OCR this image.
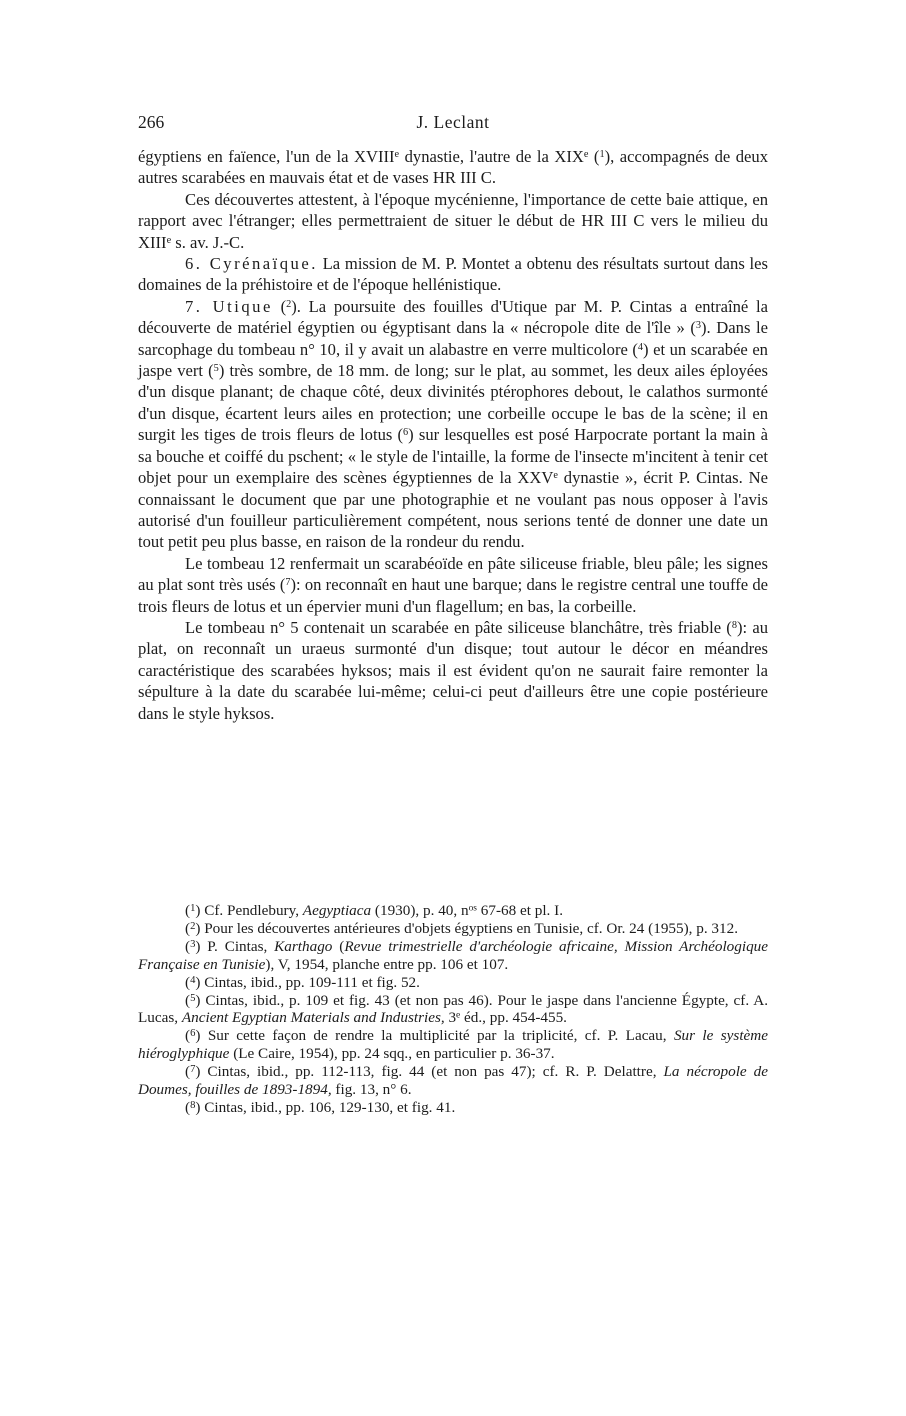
266	J. Leclant

égyptiens en faïence, l'un de la XVIIIe dynastie, l'autre de la XIXe ($^1$), accompagnés de deux autres scarabées en mauvais état et de vases HR III C.

Ces découvertes attestent, à l'époque mycénienne, l'importance de cette baie attique, en rapport avec l'étranger; elles permettraient de situer le début de HR III C vers le milieu du XIIIe s. av. J.-C.

6. Cyrénaïque. La mission de M. P. Montet a obtenu des résultats surtout dans les domaines de la préhistoire et de l'époque hellénistique.

7. Utique ($^2$). La poursuite des fouilles d'Utique par M. P. Cintas a entraîné la découverte de matériel égyptien ou égyptisant dans la « nécropole dite de l'île » ($^3$). Dans le sarcophage du tombeau n° 10, il y avait un alabastre en verre multicolore ($^4$) et un scarabée en jaspe vert ($^5$) très sombre, de 18 mm. de long; sur le plat, au sommet, les deux ailes éployées d'un disque planant; de chaque côté, deux divinités ptérophores debout, le calathos surmonté d'un disque, écartent leurs ailes en protection; une corbeille occupe le bas de la scène; il en surgit les tiges de trois fleurs de lotus ($^6$) sur lesquelles est posé Harpocrate portant la main à sa bouche et coiffé du pschent; « le style de l'intaille, la forme de l'insecte m'incitent à tenir cet objet pour un exemplaire des scènes égyptiennes de la XXVe dynastie », écrit P. Cintas. Ne connaissant le document que par une photographie et ne voulant pas nous opposer à l'avis autorisé d'un fouilleur particulièrement compétent, nous serions tenté de donner une date un tout petit peu plus basse, en raison de la rondeur du rendu.

Le tombeau 12 renfermait un scarabéoïde en pâte siliceuse friable, bleu pâle; les signes au plat sont très usés ($^7$): on reconnaît en haut une barque; dans le registre central une touffe de trois fleurs de lotus et un épervier muni d'un flagellum; en bas, la corbeille.

Le tombeau n° 5 contenait un scarabée en pâte siliceuse blanchâtre, très friable ($^8$): au plat, on reconnaît un uraeus surmonté d'un disque; tout autour le décor en méandres caractéristique des scarabées hyksos; mais il est évident qu'on ne saurait faire remonter la sépulture à la date du scarabée lui-même; celui-ci peut d'ailleurs être une copie postérieure dans le style hyksos.

($^1$) Cf. Pendlebury, Aegyptiaca (1930), p. 40, $n^{os}$ 67-68 et pl. I.

($^2$) Pour les découvertes antérieures d'objets égyptiens en Tunisie, cf. Or. 24 (1955), p. 312.

($^3$) P. Cintas, Karthago (Revue trimestrielle d'archéologie africaine, Mission Archéologique Française en Tunisie), V, 1954, planche entre pp. 106 et 107.

($^4$) Cintas, ibid., pp. 109-111 et fig. 52.

($^5$) Cintas, ibid., p. 109 et fig. 43 (et non pas 46). Pour le jaspe dans l'ancienne Égypte, cf. A. Lucas, Ancient Egyptian Materials and Industries, 3e éd., pp. 454-455.

($^6$) Sur cette façon de rendre la multiplicité par la triplicité, cf. P. Lacau, Sur le système hiéroglyphique (Le Caire, 1954), pp. 24 sqq., en particulier p. 36-37.

($^7$) Cintas, ibid., pp. 112-113, fig. 44 (et non pas 47); cf. R. P. Delattre, La nécropole de Doumes, fouilles de 1893-1894, fig. 13, n° 6.

($^8$) Cintas, ibid., pp. 106, 129-130, et fig. 41.
